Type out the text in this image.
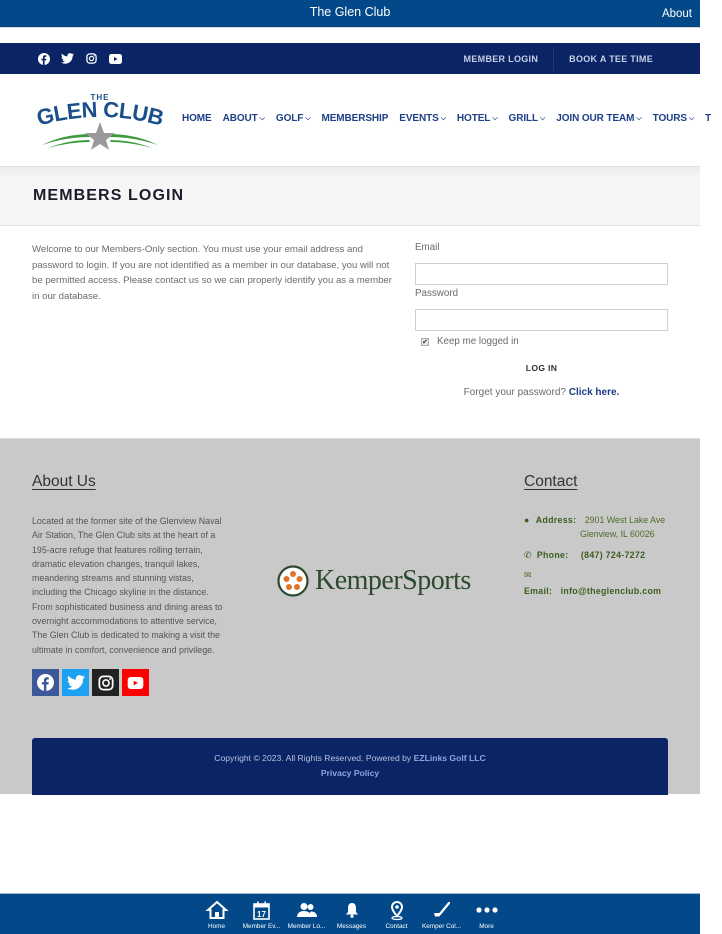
The Glen Club	About
MEMBER LOGIN	BOOK A TEE TIME
THE
GLEN CLUB HOME ABOUT ⌵ GOLF ⌵ MEMBERSHIP EVENTS ⌵ HOTEL ⌵ GRILL ⌵ JOIN OUR TEAM ⌵ TOURS ⌵ T
MEMBERS LOGIN

Welcome to our Members-Only section. You must use your email address and password to login. If you are not identified as a member in our database, you will not be permitted access. Please contact us so we can properly identify you as a member in our database.

Email
Password
✔ Keep me logged in
LOG IN
Forget your password? Click here.
About Us

Located at the former site of the Glenview Naval Air Station, The Glen Club sits at the heart of a 195-acre refuge that features rolling terrain, dramatic elevation changes, tranquil lakes, meandering streams and stunning vistas, including the Chicago skyline in the distance. From sophisticated business and dining areas to overnight accommodations to attentive service, The Glen Club is dedicated to making a visit the ultimate in comfort, convenience and privilege.

KemperSports
Contact
● Address: 2901 West Lake Ave
Glenview, IL 60026
✆ Phone: (847) 724-7272
✉
Email: info@theglenclub.com
Copyright © 2023. All Rights Reserved. Powered by EZLinks Golf LLC
Privacy Policy
Home
17
Member Ev... Member Lo... Messages	Contact Kemper Col...	More
